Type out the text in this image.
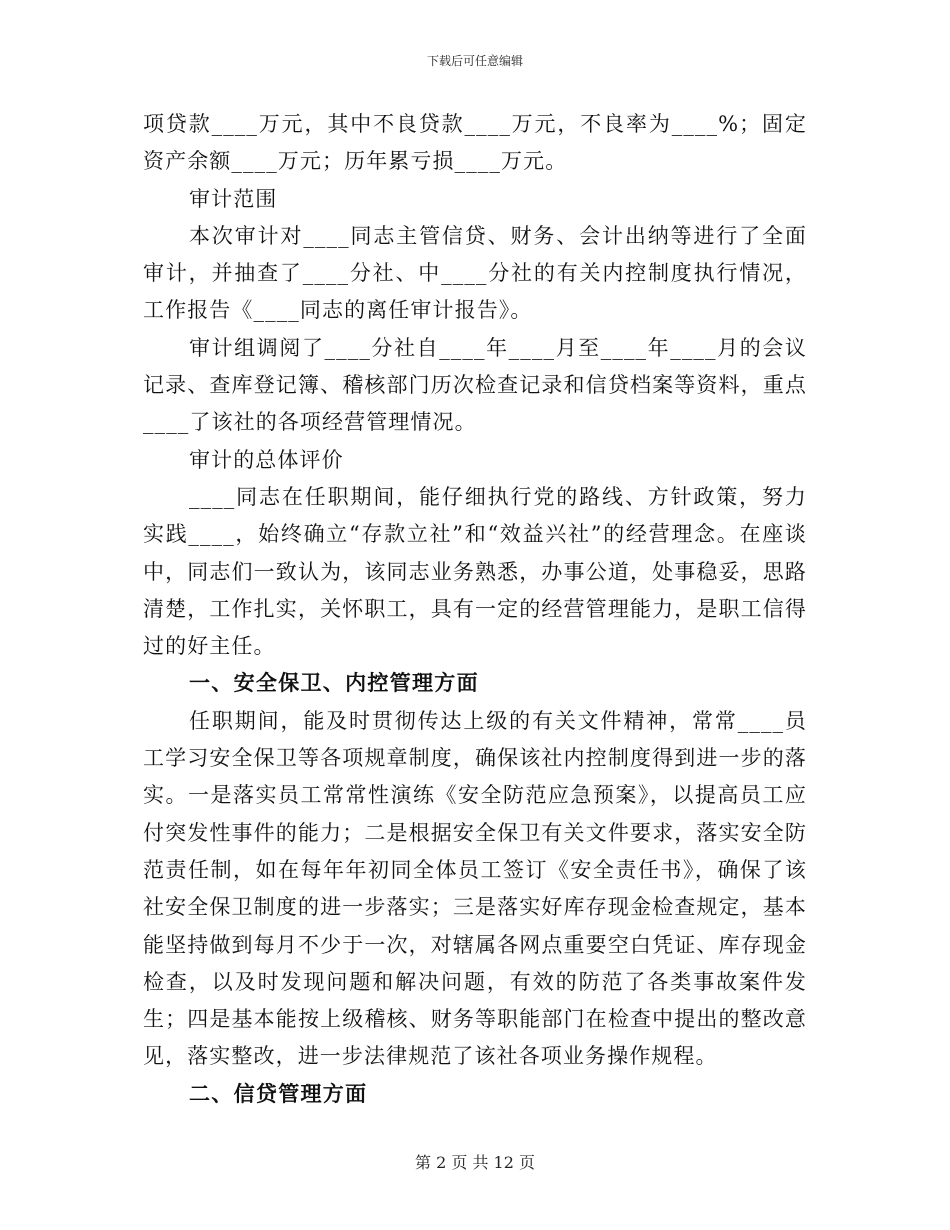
下载后可任意编辑

项贷款____万元，其中不良贷款____万元，不良率为____%；固定资产余额____万元；历年累亏损____万元。

审计范围

本次审计对____同志主管信贷、财务、会计出纳等进行了全面审计，并抽查了____分社、中____分社的有关内控制度执行情况，工作报告《____同志的离任审计报告》。

审计组调阅了____分社自____年____月至____年____月的会议记录、查库登记簿、稽核部门历次检查记录和信贷档案等资料，重点____了该社的各项经营管理情况。

审计的总体评价

____同志在任职期间，能仔细执行党的路线、方针政策，努力实践____，始终确立“存款立社”和“效益兴社”的经营理念。在座谈中，同志们一致认为，该同志业务熟悉，办事公道，处事稳妥，思路清楚，工作扎实，关怀职工，具有一定的经营管理能力，是职工信得过的好主任。

一、安全保卫、内控管理方面

任职期间，能及时贯彻传达上级的有关文件精神，常常____员工学习安全保卫等各项规章制度，确保该社内控制度得到进一步的落实。一是落实员工常常性演练《安全防范应急预案》，以提高员工应付突发性事件的能力；二是根据安全保卫有关文件要求，落实安全防范责任制，如在每年年初同全体员工签订《安全责任书》，确保了该社安全保卫制度的进一步落实；三是落实好库存现金检查规定，基本能坚持做到每月不少于一次，对辖属各网点重要空白凭证、库存现金检查，以及时发现问题和解决问题，有效的防范了各类事故案件发生；四是基本能按上级稽核、财务等职能部门在检查中提出的整改意见，落实整改，进一步法律规范了该社各项业务操作规程。

二、信贷管理方面

第 2 页 共 12 页
